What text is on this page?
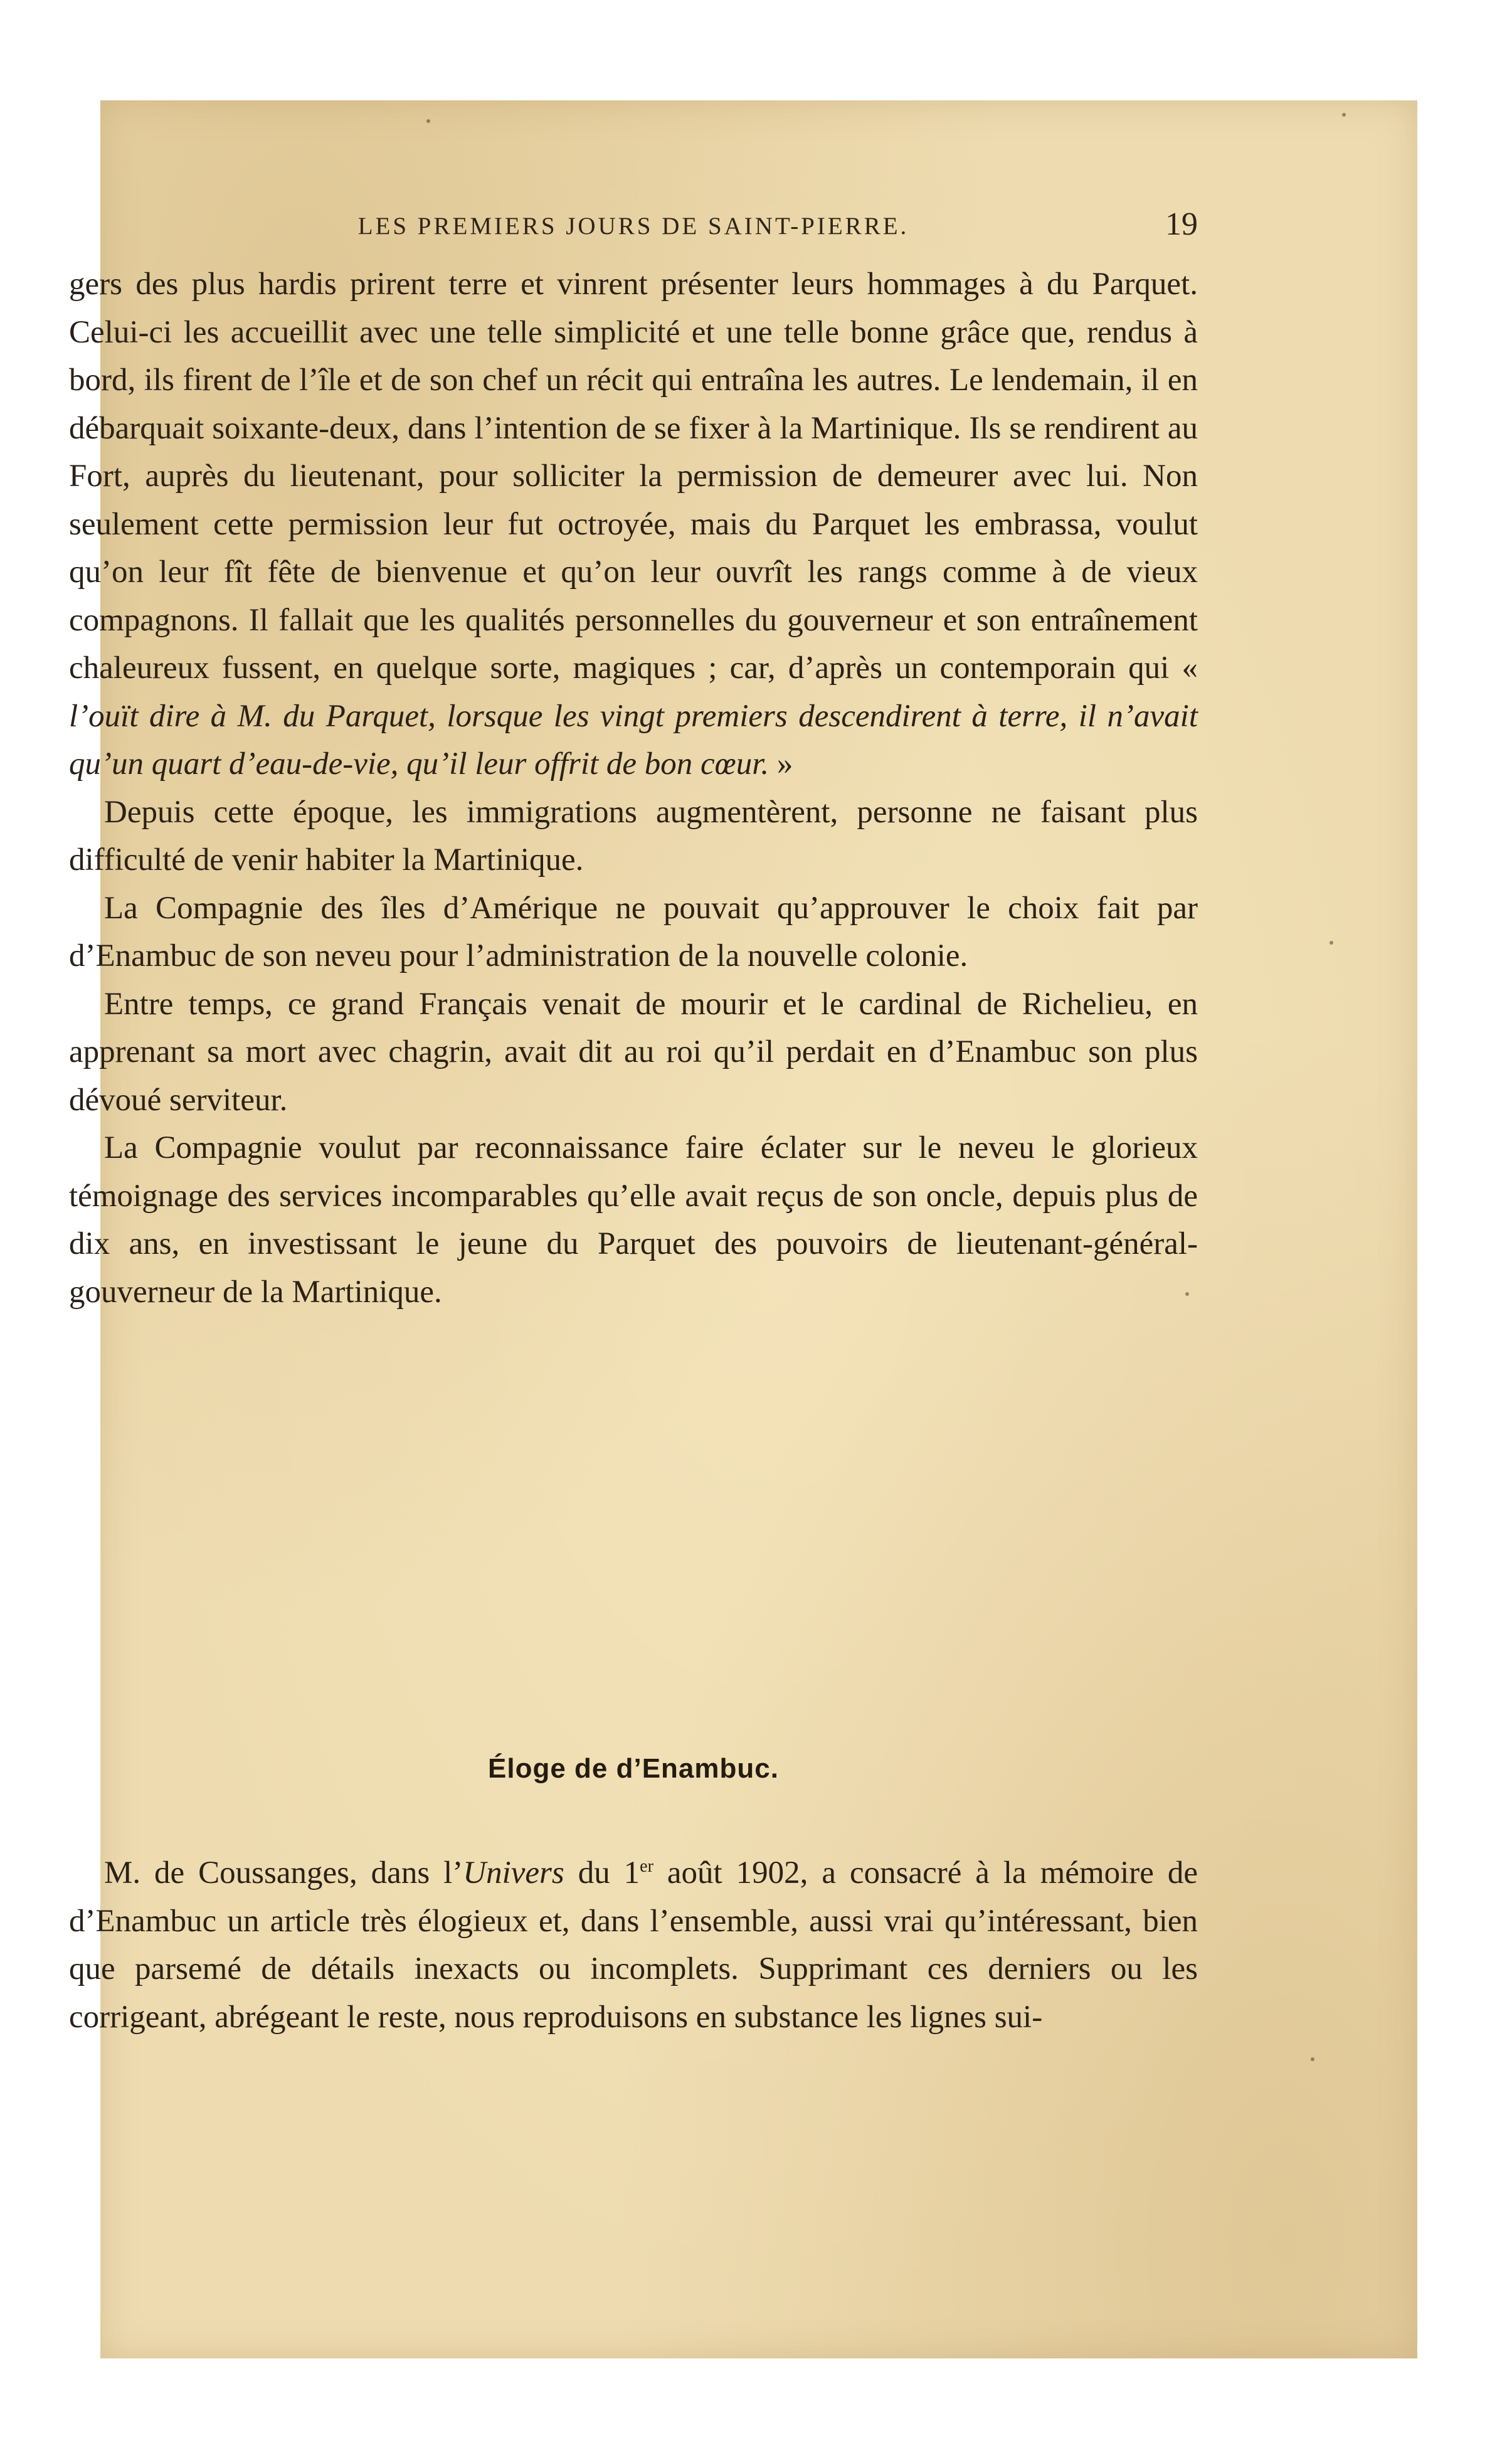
LES PREMIERS JOURS DE SAINT-PIERRE.	19

gers des plus hardis prirent terre et vinrent présenter leurs hommages à du Parquet. Celui-ci les accueillit avec une telle simplicité et une telle bonne grâce que, rendus à bord, ils firent de l’île et de son chef un récit qui entraîna les autres. Le lendemain, il en débarquait soixante-deux, dans l’intention de se fixer à la Martinique. Ils se rendirent au Fort, auprès du lieutenant, pour solliciter la permission de demeurer avec lui. Non seulement cette permission leur fut octroyée, mais du Parquet les embrassa, voulut qu’on leur fît fête de bienvenue et qu’on leur ouvrît les rangs comme à de vieux compagnons. Il fallait que les qualités personnelles du gouverneur et son entraînement chaleureux fussent, en quelque sorte, magiques ; car, d’après un contemporain qui « l’ouït dire à M. du Parquet, lorsque les vingt premiers descendirent à terre, il n’avait qu’un quart d’eau-de-vie, qu’il leur offrit de bon cœur. »

Depuis cette époque, les immigrations augmentèrent, personne ne faisant plus difficulté de venir habiter la Martinique.

La Compagnie des îles d’Amérique ne pouvait qu’approuver le choix fait par d’Enambuc de son neveu pour l’administration de la nouvelle colonie.

Entre temps, ce grand Français venait de mourir et le cardinal de Richelieu, en apprenant sa mort avec chagrin, avait dit au roi qu’il perdait en d’Enambuc son plus dévoué serviteur.

La Compagnie voulut par reconnaissance faire éclater sur le neveu le glorieux témoignage des services incomparables qu’elle avait reçus de son oncle, depuis plus de dix ans, en investissant le jeune du Parquet des pouvoirs de lieutenant-général-gouverneur de la Martinique.

Éloge de d’Enambuc.

M. de Coussanges, dans l’Univers du 1er août 1902, a consacré à la mémoire de d’Enambuc un article très élogieux et, dans l’ensemble, aussi vrai qu’intéressant, bien que parsemé de détails inexacts ou incomplets. Supprimant ces derniers ou les corrigeant, abrégeant le reste, nous reproduisons en substance les lignes sui-
